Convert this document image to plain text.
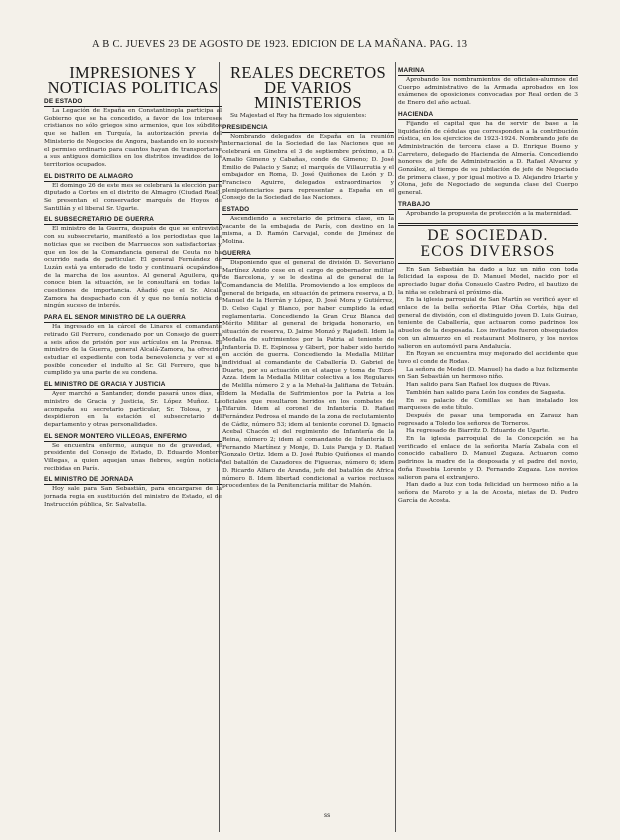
A B C. JUEVES 23 DE AGOSTO DE 1923. EDICION DE LA MAÑANA. PAG. 13
IMPRESIONES Y NOTICIAS POLITICAS
DE ESTADO

La Legación de España en Constantinopla participa al Gobierno que se ha concedido, a favor de los intereses cristianos no sólo griegos sino armenios, que los súbditos que se hallen en Turquía, la autorización previa del Ministerio de Negocios de Angora, bastando en lo sucesivo el permiso ordinario para cuantos hayan de transportarse a sus antiguos domicilios en los distritos invadidos de los territorios ocupados.

EL DISTRITO DE ALMAGRO

El domingo 26 de este mes se celebrará la elección para diputado a Cortes en el distrito de Almagro (Ciudad Real). Se presentan el conservador marqués de Hoyos de Santillán y el liberal Sr. Ugarte.

EL SUBSECRETARIO DE GUERRA

El ministro de la Guerra, después de que se entrevistó con su subsecretario, manifestó a los periodistas que las noticias que se reciben de Marruecos son satisfactorias y que en los de la Comandancia general de Ceuta no ha ocurrido nada de particular. El general Fernández de Luzán está ya enterado de todo y continuará ocupándose de la marcha de los asuntos. Al general Aguilera, que conoce bien la situación, se le consultará en todas las cuestiones de importancia. Añadió que el Sr. Alcalá Zamora ha despachado con él y que no tenía noticia de ningún suceso de interés.

PARA EL SEÑOR MINISTRO DE LA GUERRA

Ha ingresado en la cárcel de Linares el comandante retirado Gil Ferrero, condenado por un Consejo de guerra a seis años de prisión por sus artículos en la Prensa. El ministro de la Guerra, general Alcalá-Zamora, ha ofrecido estudiar el expediente con toda benevolencia y ver si es posible conceder el indulto al Sr. Gil Ferrero, que ha cumplido ya una parte de su condena.

EL MINISTRO DE GRACIA Y JUSTICIA

Ayer marchó a Santander, donde pasará unos días, el ministro de Gracia y Justicia, Sr. López Muñoz. Le acompaña su secretario particular, Sr. Tolosa, y le despidieron en la estación el subsecretario del departamento y otras personalidades.

EL SEÑOR MONTERO VILLEGAS, ENFERMO

Se encuentra enfermo, aunque no de gravedad, el presidente del Consejo de Estado, D. Eduardo Montero Villegas, a quien aquejan unas fiebres, según noticias recibidas en París.

EL MINISTRO DE JORNADA

Hoy sale para San Sebastián, para encargarse de la jornada regia en sustitución del ministro de Estado, el de Instrucción pública, Sr. Salvatella.

REALES DECRETOS DE VARIOS MINISTERIOS

Su Majestad el Rey ha firmado los siguientes:

PRESIDENCIA

Nombrando delegados de España en la reunión internacional de la Sociedad de las Naciones que se celebrará en Ginebra el 3 de septiembre próximo, a D. Amalio Gimeno y Cabañas, conde de Gimeno; D. José Emilio de Palacio y Sanz; el marqués de Villaurrutia y el embajador en Roma, D. José Quiñones de León y D. Francisco Aguirre, delegados extraordinarios y plenipotenciarios para representar a España en el Consejo de la Sociedad de las Naciones.

ESTADO

Ascendiendo a secretario de primera clase, en la vacante de la embajada de París, con destino en la misma, a D. Ramón Carvajal, conde de Jiménez de Molina.

GUERRA

Disponiendo que el general de división D. Severiano Martínez Anido cese en el cargo de gobernador militar de Barcelona, y se le destina al de general de la Comandancia de Melilla. Promoviendo a los empleos de general de brigada, en situación de primera reserva, a D. Manuel de la Herrán y López, D. José Mora y Gutiérrez, D. Celso Cajal y Blanco, por haber cumplido la edad reglamentaria. Concediendo la Gran Cruz Blanca del Mérito Militar al general de brigada honorario, en situación de reserva, D. Jaime Monzó y Rajadell. Idem la Medalla de sufrimientos por la Patria al teniente de Infantería D. E. Espinosa y Gibert, por haber sido herido en acción de guerra. Concediendo la Medalla Militar individual al comandante de Caballería D. Gabriel de Duarte, por su actuación en el ataque y toma de Tizzi-Azza. Idem la Medalla Militar colectiva a los Regulares de Melilla número 2 y a la Mehal-la Jalifiana de Tetuán. Idem la Medalla de Sufrimientos por la Patria a los oficiales que resultaron heridos en los combates de Tifaruin. Idem al coronel de Infantería D. Rafael Fernández Pedrosa el mando de la zona de reclutamiento de Cádiz, número 53; idem al teniente coronel D. Ignacio Acebal Chacón el del regimiento de Infantería de la Reina, número 2; idem al comandante de Infantería D. Fernando Martínez y Monje, D. Luis Pareja y D. Rafael Gonzalo Ortiz. Idem a D. José Rubio Quiñones el mando del batallón de Cazadores de Figueras, número 6; idem D. Ricardo Alfaro de Aranda, jefe del batallón de Africa número 8. Idem libertad condicional a varios reclusos procedentes de la Penitenciaría militar de Mahón.

MARINA

Aprobando los nombramientos de oficiales-alumnos del Cuerpo administrativo de la Armada aprobados en los exámenes de oposiciones convocadas por Real orden de 3 de Enero del año actual.

HACIENDA

Fijando el capital que ha de servir de base a la liquidación de cédulas que corresponden a la contribución rústica, en los ejercicios de 1923-1924. Nombrando jefe de Administración de tercera clase a D. Enrique Bueno y Carretero, delegado de Hacienda de Almería. Concediendo honores de jefe de Administración a D. Rafael Alvarez y González, al tiempo de su jubilación de jefe de Negociado de primera clase, y por igual motivo a D. Alejandro Iriarte y Olona, jefe de Negociado de segunda clase del Cuerpo general.

TRABAJO

Aprobando la propuesta de protección a la maternidad.

DE SOCIEDAD.
ECOS DIVERSOS

En San Sebastián ha dado a luz un niño con toda felicidad la esposa de D. Manuel Medel, nacido por el apreciado lugar doña Consuelo Castro Pedro, el bautizo de la niña se celebrará el próximo día.

En la iglesia parroquial de San Martín se verificó ayer el enlace de la bella señorita Pilar Oña Cortés, hija del general de división, con el distinguido joven D. Luis Guirao, teniente de Caballería, que actuaron como padrinos los abuelos de la desposada. Los invitados fueron obsequiados con un almuerzo en el restaurant Molinero, y los novios salieron en automóvil para Andalucía.

En Royan se encuentra muy mejorado del accidente que tuvo el conde de Rodas.

La señora de Medel (D. Manuel) ha dado a luz felizmente en San Sebastián un hermoso niño.

Han salido para San Rafael los duques de Rivas.

También han salido para León los condes de Sagasta.

En su palacio de Comillas se han instalado los marqueses de este título.

Después de pasar una temporada en Zarauz han regresado a Toledo los señores de Torneros.

Ha regresado de Biarritz D. Eduardo de Ugarte.

En la iglesia parroquial de la Concepción se ha verificado el enlace de la señorita María Zabala con el conocido caballero D. Manuel Zugaza. Actuaron como padrinos la madre de la desposada y el padre del novio, doña Eusebia Lorente y D. Fernando Zugaza. Los novios salieron para el extranjero.

Han dado a luz con toda felicidad un hermoso niño a la señora de Maroto y a la de Acosta, nietas de D. Pedro García de Acosta.

ss
